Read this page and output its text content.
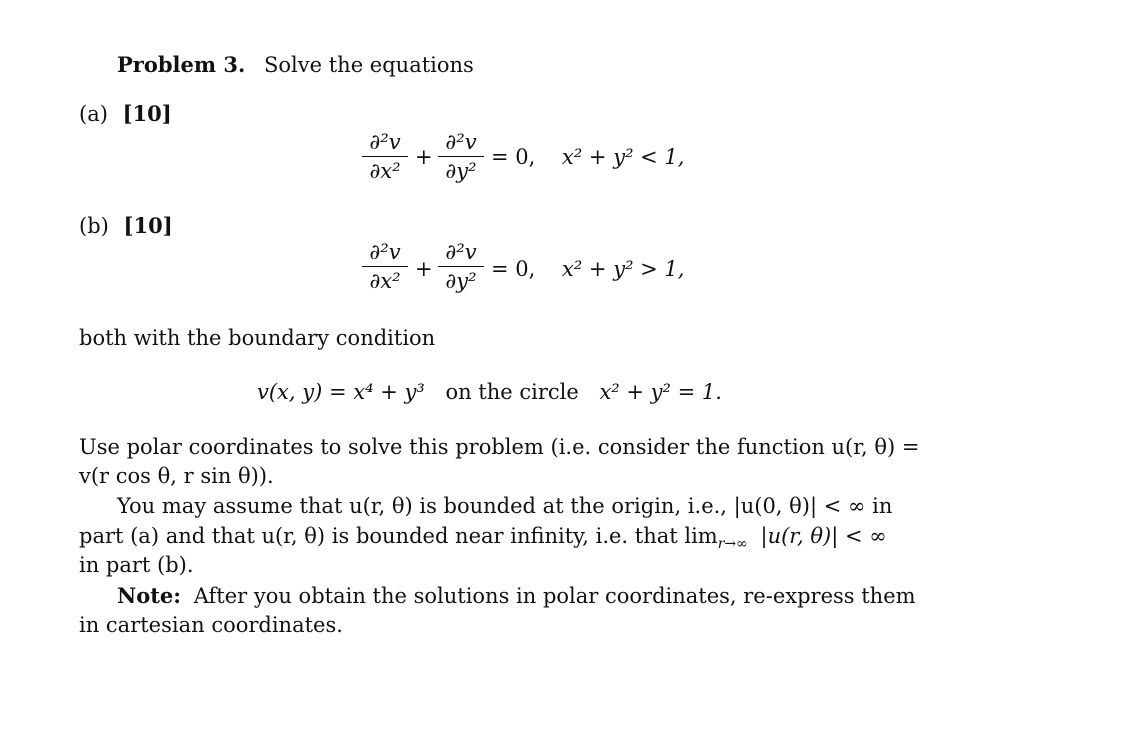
Problem 3. Solve the equations
(a) [10]
∂²v
∂x²
+
∂²v
∂y²
= 0, x² + y² < 1,
(b) [10]
∂²v
∂x² +
∂²v
∂y² = 0, x² + y² > 1,
both with the boundary condition
v(x, y) = x⁴ + y³ on the circle x² + y² = 1.
Use polar coordinates to solve this problem (i.e. consider the function u(r, θ) =
v(r cos θ, r sin θ)).
You may assume that u(r, θ) is bounded at the origin, i.e., |u(0, θ)| < ∞ in
part (a) and that u(r, θ) is bounded near infinity, i.e. that $\lim_{r\to\infty} |u(r$, θ)| < ∞
in part (b).
Note: After you obtain the solutions in polar coordinates, re-express them
in cartesian coordinates.
